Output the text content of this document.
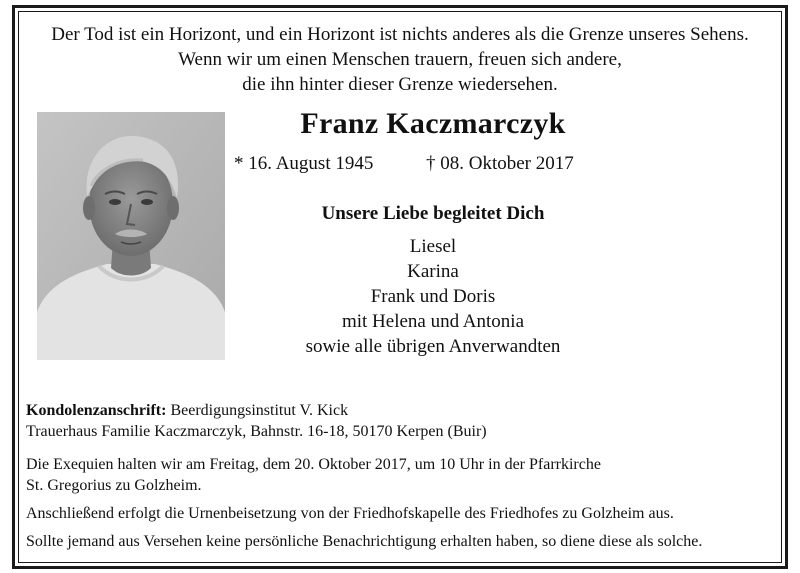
Der Tod ist ein Horizont, und ein Horizont ist nichts anderes als die Grenze unseres Sehens.
Wenn wir um einen Menschen trauern, freuen sich andere,
die ihn hinter dieser Grenze wiedersehen.
Franz Kaczmarczyk
* 16. August 1945	† 08. Oktober 2017
Unsere Liebe begleitet Dich
Liesel
Karina
Frank und Doris
mit Helena und Antonia
sowie alle übrigen Anverwandten

Kondolenzanschrift: Beerdigungsinstitut V. Kick

Trauerhaus Familie Kaczmarczyk, Bahnstr. 16-18, 50170 Kerpen (Buir)

Die Exequien halten wir am Freitag, dem 20. Oktober 2017, um 10 Uhr in der Pfarrkirche

St. Gregorius zu Golzheim.

Anschließend erfolgt die Urnenbeisetzung von der Friedhofskapelle des Friedhofes zu Golzheim aus.

Sollte jemand aus Versehen keine persönliche Benachrichtigung erhalten haben, so diene diese als solche.
